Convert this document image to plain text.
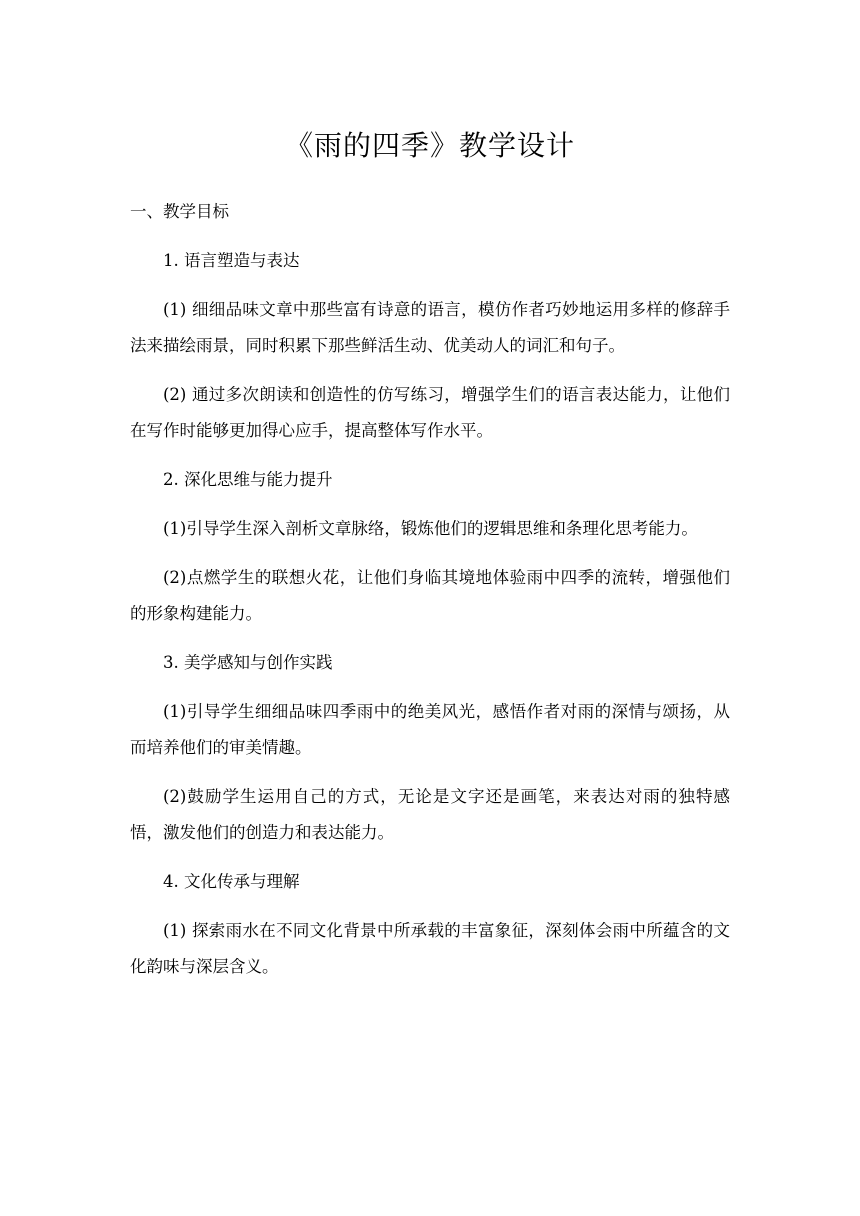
《雨的四季》教学设计

一、教学目标

1. 语言塑造与表达

(1) 细细品味文章中那些富有诗意的语言，模仿作者巧妙地运用多样的修辞手法来描绘雨景，同时积累下那些鲜活生动、优美动人的词汇和句子。

(2) 通过多次朗读和创造性的仿写练习，增强学生们的语言表达能力，让他们在写作时能够更加得心应手，提高整体写作水平。

2. 深化思维与能力提升

(1)引导学生深入剖析文章脉络，锻炼他们的逻辑思维和条理化思考能力。

(2)点燃学生的联想火花，让他们身临其境地体验雨中四季的流转，增强他们的形象构建能力。

3. 美学感知与创作实践

(1)引导学生细细品味四季雨中的绝美风光，感悟作者对雨的深情与颂扬，从而培养他们的审美情趣。

(2)鼓励学生运用自己的方式，无论是文字还是画笔，来表达对雨的独特感悟，激发他们的创造力和表达能力。

4. 文化传承与理解

(1) 探索雨水在不同文化背景中所承载的丰富象征，深刻体会雨中所蕴含的文化韵味与深层含义。
